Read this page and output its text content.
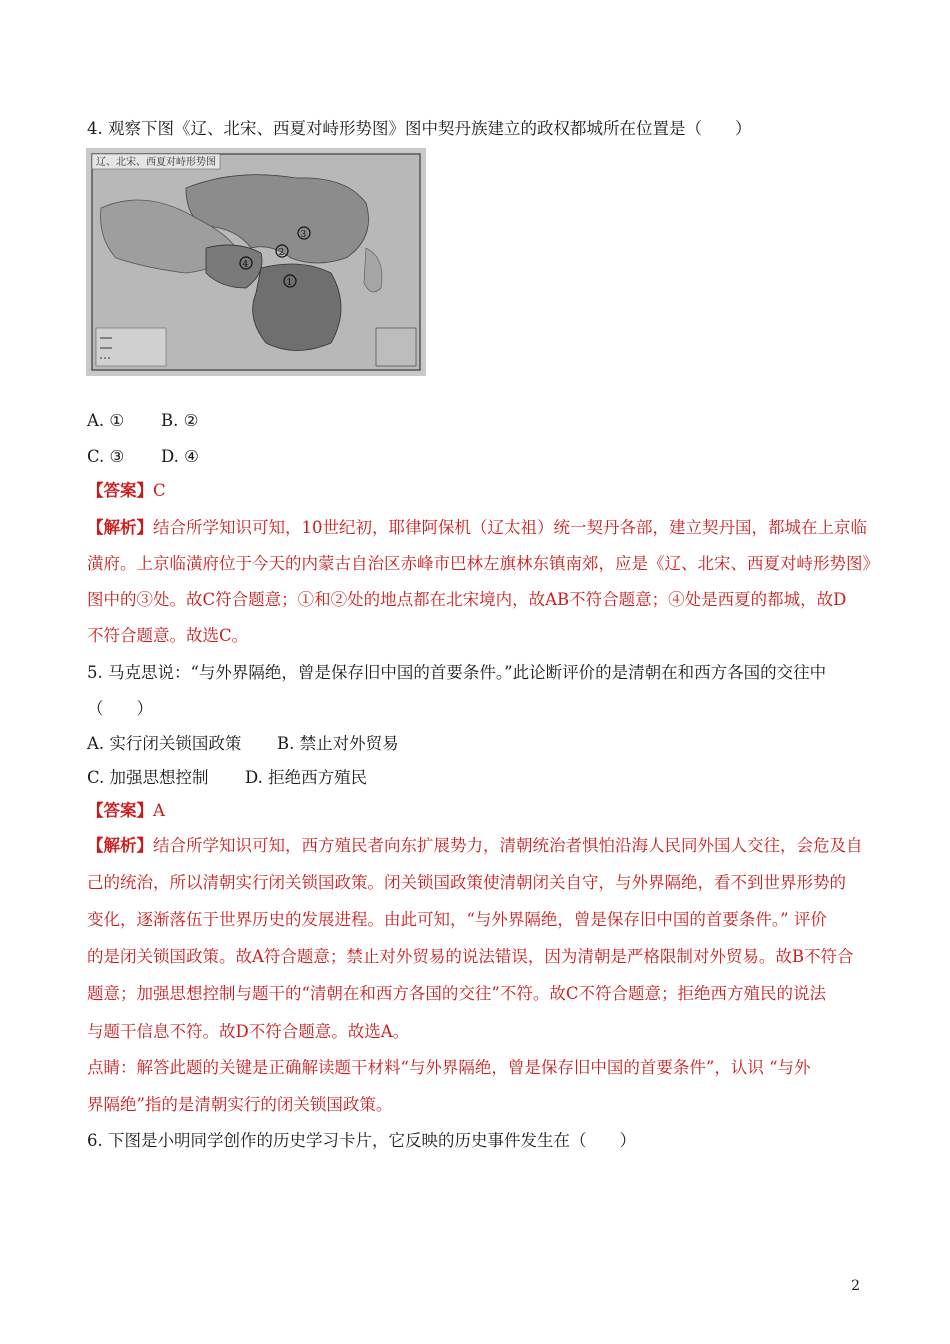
4. 观察下图《辽、北宋、西夏对峙形势图》图中契丹族建立的政权都城所在位置是（　　）
辽、北宋、西夏对峙形势图
3
2
4
1
A. ① B. ②
C. ③ D. ④
【答案】C
【解析】结合所学知识可知，10世纪初，耶律阿保机（辽太祖）统一契丹各部，建立契丹国，都城在上京临
潢府。上京临潢府位于今天的内蒙古自治区赤峰市巴林左旗林东镇南郊，应是《辽、北宋、西夏对峙形势图》
图中的③处。故C符合题意；①和②处的地点都在北宋境内，故AB不符合题意；④处是西夏的都城，故D
不符合题意。故选C。
5. 马克思说：“与外界隔绝，曾是保存旧中国的首要条件。”此论断评价的是清朝在和西方各国的交往中
（　　）
A. 实行闭关锁国政策 B. 禁止对外贸易
C. 加强思想控制 D. 拒绝西方殖民
【答案】A
【解析】结合所学知识可知，西方殖民者向东扩展势力，清朝统治者惧怕沿海人民同外国人交往，会危及自
己的统治，所以清朝实行闭关锁国政策。闭关锁国政策使清朝闭关自守，与外界隔绝，看不到世界形势的
变化，逐渐落伍于世界历史的发展进程。由此可知，“与外界隔绝，曾是保存旧中国的首要条件。” 评价
的是闭关锁国政策。故A符合题意；禁止对外贸易的说法错误，因为清朝是严格限制对外贸易。故B不符合
题意；加强思想控制与题干的“清朝在和西方各国的交往”不符。故C不符合题意；拒绝西方殖民的说法
与题干信息不符。故D不符合题意。故选A。
点睛：解答此题的关键是正确解读题干材料“与外界隔绝，曾是保存旧中国的首要条件”，认识 “与外
界隔绝”指的是清朝实行的闭关锁国政策。
6. 下图是小明同学创作的历史学习卡片，它反映的历史事件发生在（　　）
2
